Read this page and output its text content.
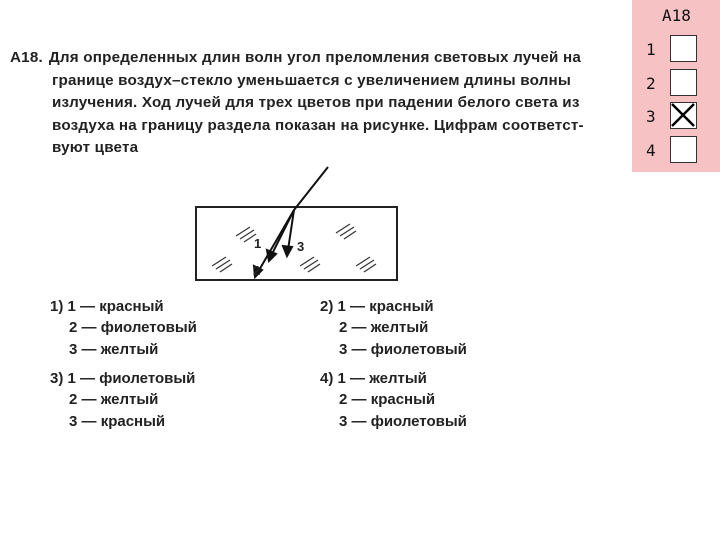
A18. Для определенных длин волн угол преломления световых лучей на
границе воздух–стекло уменьшается с увеличением длины волны
излучения. Ход лучей для трех цветов при падении белого света из
воздуха на границу раздела показан на рисунке. Цифрам соответст-
вуют цвета
A18
1
2
3
4
1
2
3
1) 1 — красный
2 — фиолетовый
3 — желтый
2) 1 — красный
2 — желтый
3 — фиолетовый
3) 1 — фиолетовый
2 — желтый
3 — красный
4) 1 — желтый
2 — красный
3 — фиолетовый
